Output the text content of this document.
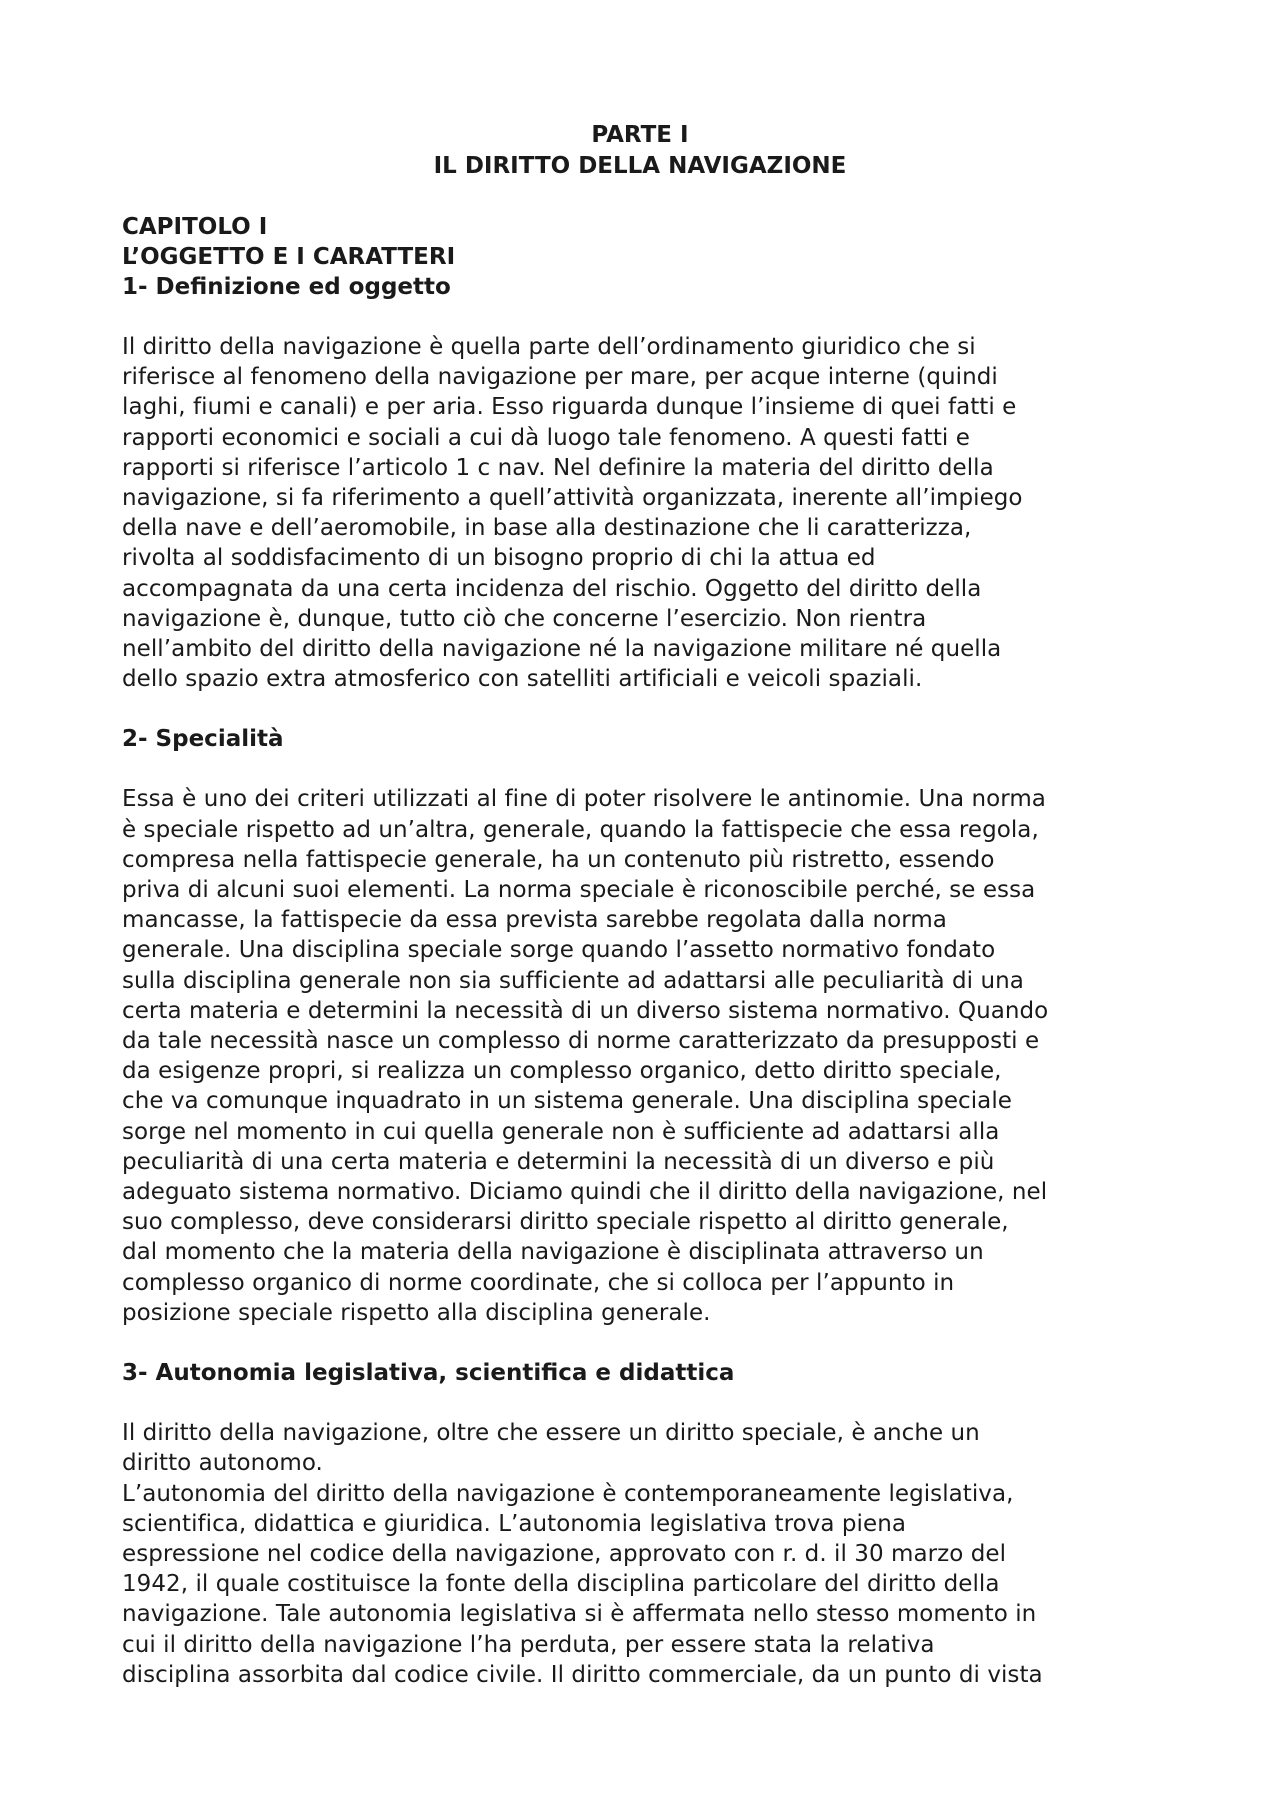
PARTE I
IL DIRITTO DELLA NAVIGAZIONE
CAPITOLO I
L’OGGETTO E I CARATTERI
1- Definizione ed oggetto
Il diritto della navigazione è quella parte dell’ordinamento giuridico che si
riferisce al fenomeno della navigazione per mare, per acque interne (quindi
laghi, fiumi e canali) e per aria. Esso riguarda dunque l’insieme di quei fatti e
rapporti economici e sociali a cui dà luogo tale fenomeno. A questi fatti e
rapporti si riferisce l’articolo 1 c nav. Nel definire la materia del diritto della
navigazione, si fa riferimento a quell’attività organizzata, inerente all’impiego
della nave e dell’aeromobile, in base alla destinazione che li caratterizza,
rivolta al soddisfacimento di un bisogno proprio di chi la attua ed
accompagnata da una certa incidenza del rischio. Oggetto del diritto della
navigazione è, dunque, tutto ciò che concerne l’esercizio. Non rientra
nell’ambito del diritto della navigazione né la navigazione militare né quella
dello spazio extra atmosferico con satelliti artificiali e veicoli spaziali.
2- Specialità
Essa è uno dei criteri utilizzati al fine di poter risolvere le antinomie. Una norma
è speciale rispetto ad un’altra, generale, quando la fattispecie che essa regola,
compresa nella fattispecie generale, ha un contenuto più ristretto, essendo
priva di alcuni suoi elementi. La norma speciale è riconoscibile perché, se essa
mancasse, la fattispecie da essa prevista sarebbe regolata dalla norma
generale. Una disciplina speciale sorge quando l’assetto normativo fondato
sulla disciplina generale non sia sufficiente ad adattarsi alle peculiarità di una
certa materia e determini la necessità di un diverso sistema normativo. Quando
da tale necessità nasce un complesso di norme caratterizzato da presupposti e
da esigenze propri, si realizza un complesso organico, detto diritto speciale,
che va comunque inquadrato in un sistema generale. Una disciplina speciale
sorge nel momento in cui quella generale non è sufficiente ad adattarsi alla
peculiarità di una certa materia e determini la necessità di un diverso e più
adeguato sistema normativo. Diciamo quindi che il diritto della navigazione, nel
suo complesso, deve considerarsi diritto speciale rispetto al diritto generale,
dal momento che la materia della navigazione è disciplinata attraverso un
complesso organico di norme coordinate, che si colloca per l’appunto in
posizione speciale rispetto alla disciplina generale.
3- Autonomia legislativa, scientifica e didattica
Il diritto della navigazione, oltre che essere un diritto speciale, è anche un
diritto autonomo.
L’autonomia del diritto della navigazione è contemporaneamente legislativa,
scientifica, didattica e giuridica. L’autonomia legislativa trova piena
espressione nel codice della navigazione, approvato con r. d. il 30 marzo del
1942, il quale costituisce la fonte della disciplina particolare del diritto della
navigazione. Tale autonomia legislativa si è affermata nello stesso momento in
cui il diritto della navigazione l’ha perduta, per essere stata la relativa
disciplina assorbita dal codice civile. Il diritto commerciale, da un punto di vista
